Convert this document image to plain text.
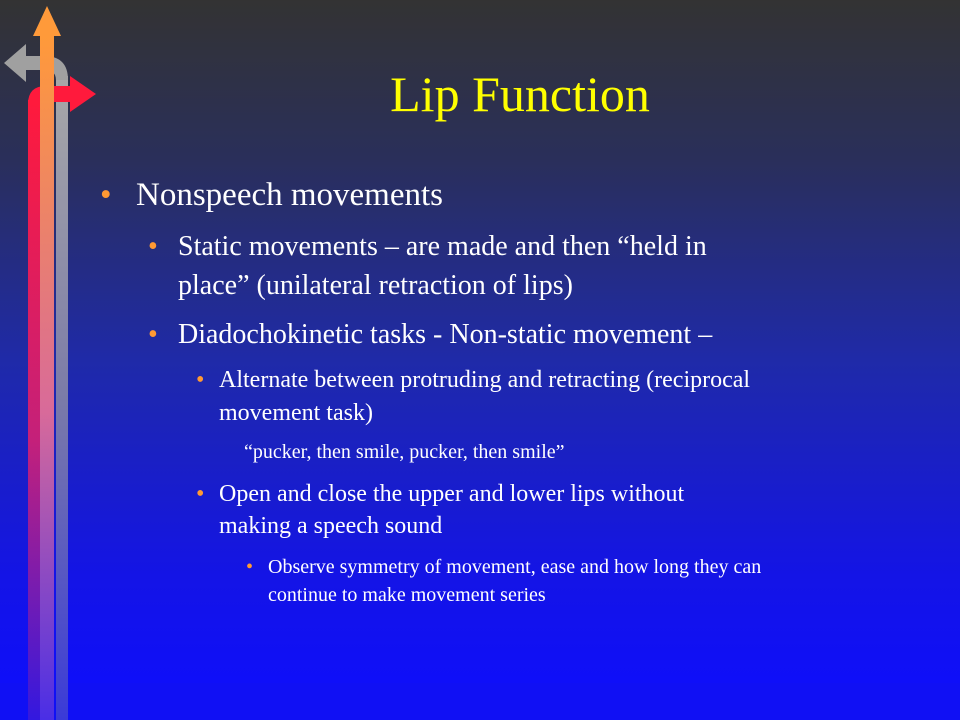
Lip Function
• Nonspeech movements
• Static movements – are made and then “held in
place” (unilateral retraction of lips)
• Diadochokinetic tasks - Non-static movement –
• Alternate between protruding and retracting (reciprocal
movement task)
“pucker, then smile, pucker, then smile”
• Open and close the upper and lower lips without
making a speech sound
• Observe symmetry of movement, ease and how long they can
continue to make movement series
